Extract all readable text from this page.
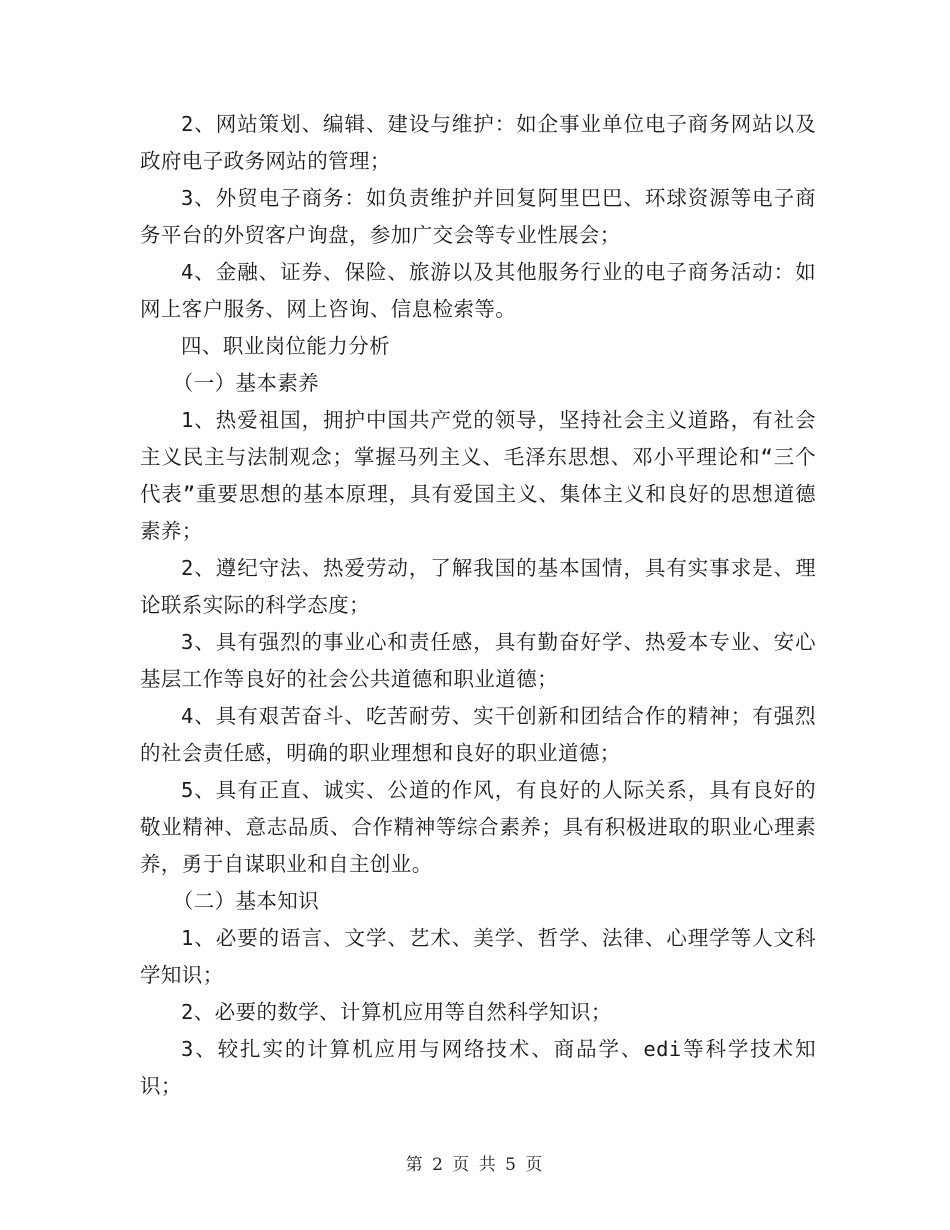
2、网站策划、编辑、建设与维护：如企事业单位电子商务网站以及政府电子政务网站的管理；

3、外贸电子商务：如负责维护并回复阿里巴巴、环球资源等电子商务平台的外贸客户询盘，参加广交会等专业性展会；

4、金融、证券、保险、旅游以及其他服务行业的电子商务活动：如网上客户服务、网上咨询、信息检索等。

四、职业岗位能力分析

（一）基本素养

1、热爱祖国，拥护中国共产党的领导，坚持社会主义道路，有社会主义民主与法制观念；掌握马列主义、毛泽东思想、邓小平理论和“三个代表”重要思想的基本原理，具有爱国主义、集体主义和良好的思想道德素养；

2、遵纪守法、热爱劳动，了解我国的基本国情，具有实事求是、理论联系实际的科学态度；

3、具有强烈的事业心和责任感，具有勤奋好学、热爱本专业、安心基层工作等良好的社会公共道德和职业道德；

4、具有艰苦奋斗、吃苦耐劳、实干创新和团结合作的精神；有强烈的社会责任感，明确的职业理想和良好的职业道德；

5、具有正直、诚实、公道的作风，有良好的人际关系，具有良好的敬业精神、意志品质、合作精神等综合素养；具有积极进取的职业心理素养，勇于自谋职业和自主创业。

（二）基本知识

1、必要的语言、文学、艺术、美学、哲学、法律、心理学等人文科学知识；

2、必要的数学、计算机应用等自然科学知识；

3、较扎实的计算机应用与网络技术、商品学、edi等科学技术知识；

第 2 页 共 5 页
